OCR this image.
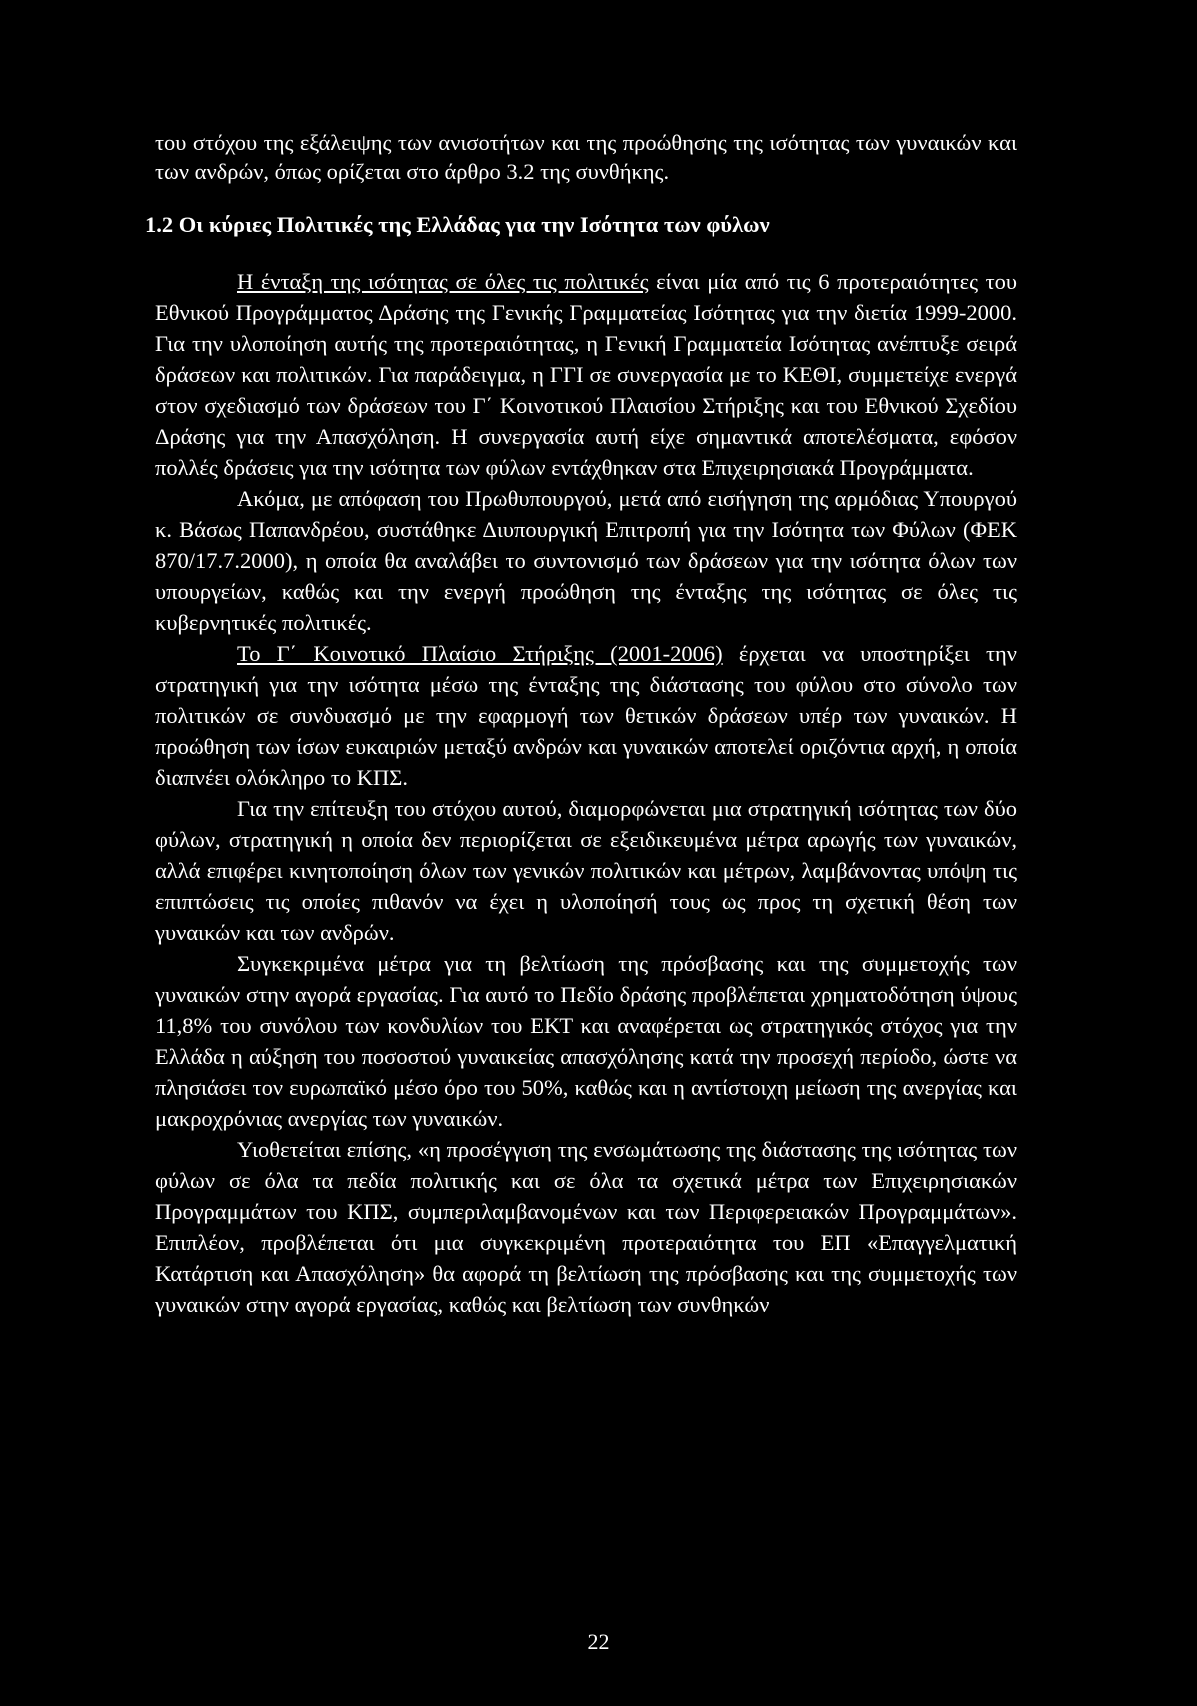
του στόχου της εξάλειψης των ανισοτήτων και της προώθησης της ισότητας των γυναικών και των ανδρών, όπως ορίζεται στο άρθρο 3.2 της συνθήκης.
1.2 Οι κύριες Πολιτικές της Ελλάδας για την Ισότητα των φύλων

Η ένταξη της ισότητας σε όλες τις πολιτικές είναι μία από τις 6 προτεραιότητες του Εθνικού Προγράμματος Δράσης της Γενικής Γραμματείας Ισότητας για την διετία 1999-2000. Για την υλοποίηση αυτής της προτεραιότητας, η Γενική Γραμματεία Ισότητας ανέπτυξε σειρά δράσεων και πολιτικών. Για παράδειγμα, η ΓΓΙ σε συνεργασία με το ΚΕΘΙ, συμμετείχε ενεργά στον σχεδιασμό των δράσεων του Γ΄ Κοινοτικού Πλαισίου Στήριξης και του Εθνικού Σχεδίου Δράσης για την Απασχόληση. Η συνεργασία αυτή είχε σημαντικά αποτελέσματα, εφόσον πολλές δράσεις για την ισότητα των φύλων εντάχθηκαν στα Επιχειρησιακά Προγράμματα.

Ακόμα, με απόφαση του Πρωθυπουργού, μετά από εισήγηση της αρμόδιας Υπουργού κ. Βάσως Παπανδρέου, συστάθηκε Διυπουργική Επιτροπή για την Ισότητα των Φύλων (ΦΕΚ 870/17.7.2000), η οποία θα αναλάβει το συντονισμό των δράσεων για την ισότητα όλων των υπουργείων, καθώς και την ενεργή προώθηση της ένταξης της ισότητας σε όλες τις κυβερνητικές πολιτικές.

Το Γ΄ Κοινοτικό Πλαίσιο Στήριξης (2001-2006) έρχεται να υποστηρίξει την στρατηγική για την ισότητα μέσω της ένταξης της διάστασης του φύλου στο σύνολο των πολιτικών σε συνδυασμό με την εφαρμογή των θετικών δράσεων υπέρ των γυναικών. Η προώθηση των ίσων ευκαιριών μεταξύ ανδρών και γυναικών αποτελεί οριζόντια αρχή, η οποία διαπνέει ολόκληρο το ΚΠΣ.

Για την επίτευξη του στόχου αυτού, διαμορφώνεται μια στρατηγική ισότητας των δύο φύλων, στρατηγική η οποία δεν περιορίζεται σε εξειδικευμένα μέτρα αρωγής των γυναικών, αλλά επιφέρει κινητοποίηση όλων των γενικών πολιτικών και μέτρων, λαμβάνοντας υπόψη τις επιπτώσεις τις οποίες πιθανόν να έχει η υλοποίησή τους ως προς τη σχετική θέση των γυναικών και των ανδρών.

Συγκεκριμένα μέτρα για τη βελτίωση της πρόσβασης και της συμμετοχής των γυναικών στην αγορά εργασίας. Για αυτό το Πεδίο δράσης προβλέπεται χρηματοδότηση ύψους 11,8% του συνόλου των κονδυλίων του ΕΚΤ και αναφέρεται ως στρατηγικός στόχος για την Ελλάδα η αύξηση του ποσοστού γυναικείας απασχόλησης κατά την προσεχή περίοδο, ώστε να πλησιάσει τον ευρωπαϊκό μέσο όρο του 50%, καθώς και η αντίστοιχη μείωση της ανεργίας και μακροχρόνιας ανεργίας των γυναικών.

Υιοθετείται επίσης, «η προσέγγιση της ενσωμάτωσης της διάστασης της ισότητας των φύλων σε όλα τα πεδία πολιτικής και σε όλα τα σχετικά μέτρα των Επιχειρησιακών Προγραμμάτων του ΚΠΣ, συμπεριλαμβανομένων και των Περιφερειακών Προγραμμάτων». Επιπλέον, προβλέπεται ότι μια συγκεκριμένη προτεραιότητα του ΕΠ «Επαγγελματική Κατάρτιση και Απασχόληση» θα αφορά τη βελτίωση της πρόσβασης και της συμμετοχής των γυναικών στην αγορά εργασίας, καθώς και βελτίωση των συνθηκών

22
